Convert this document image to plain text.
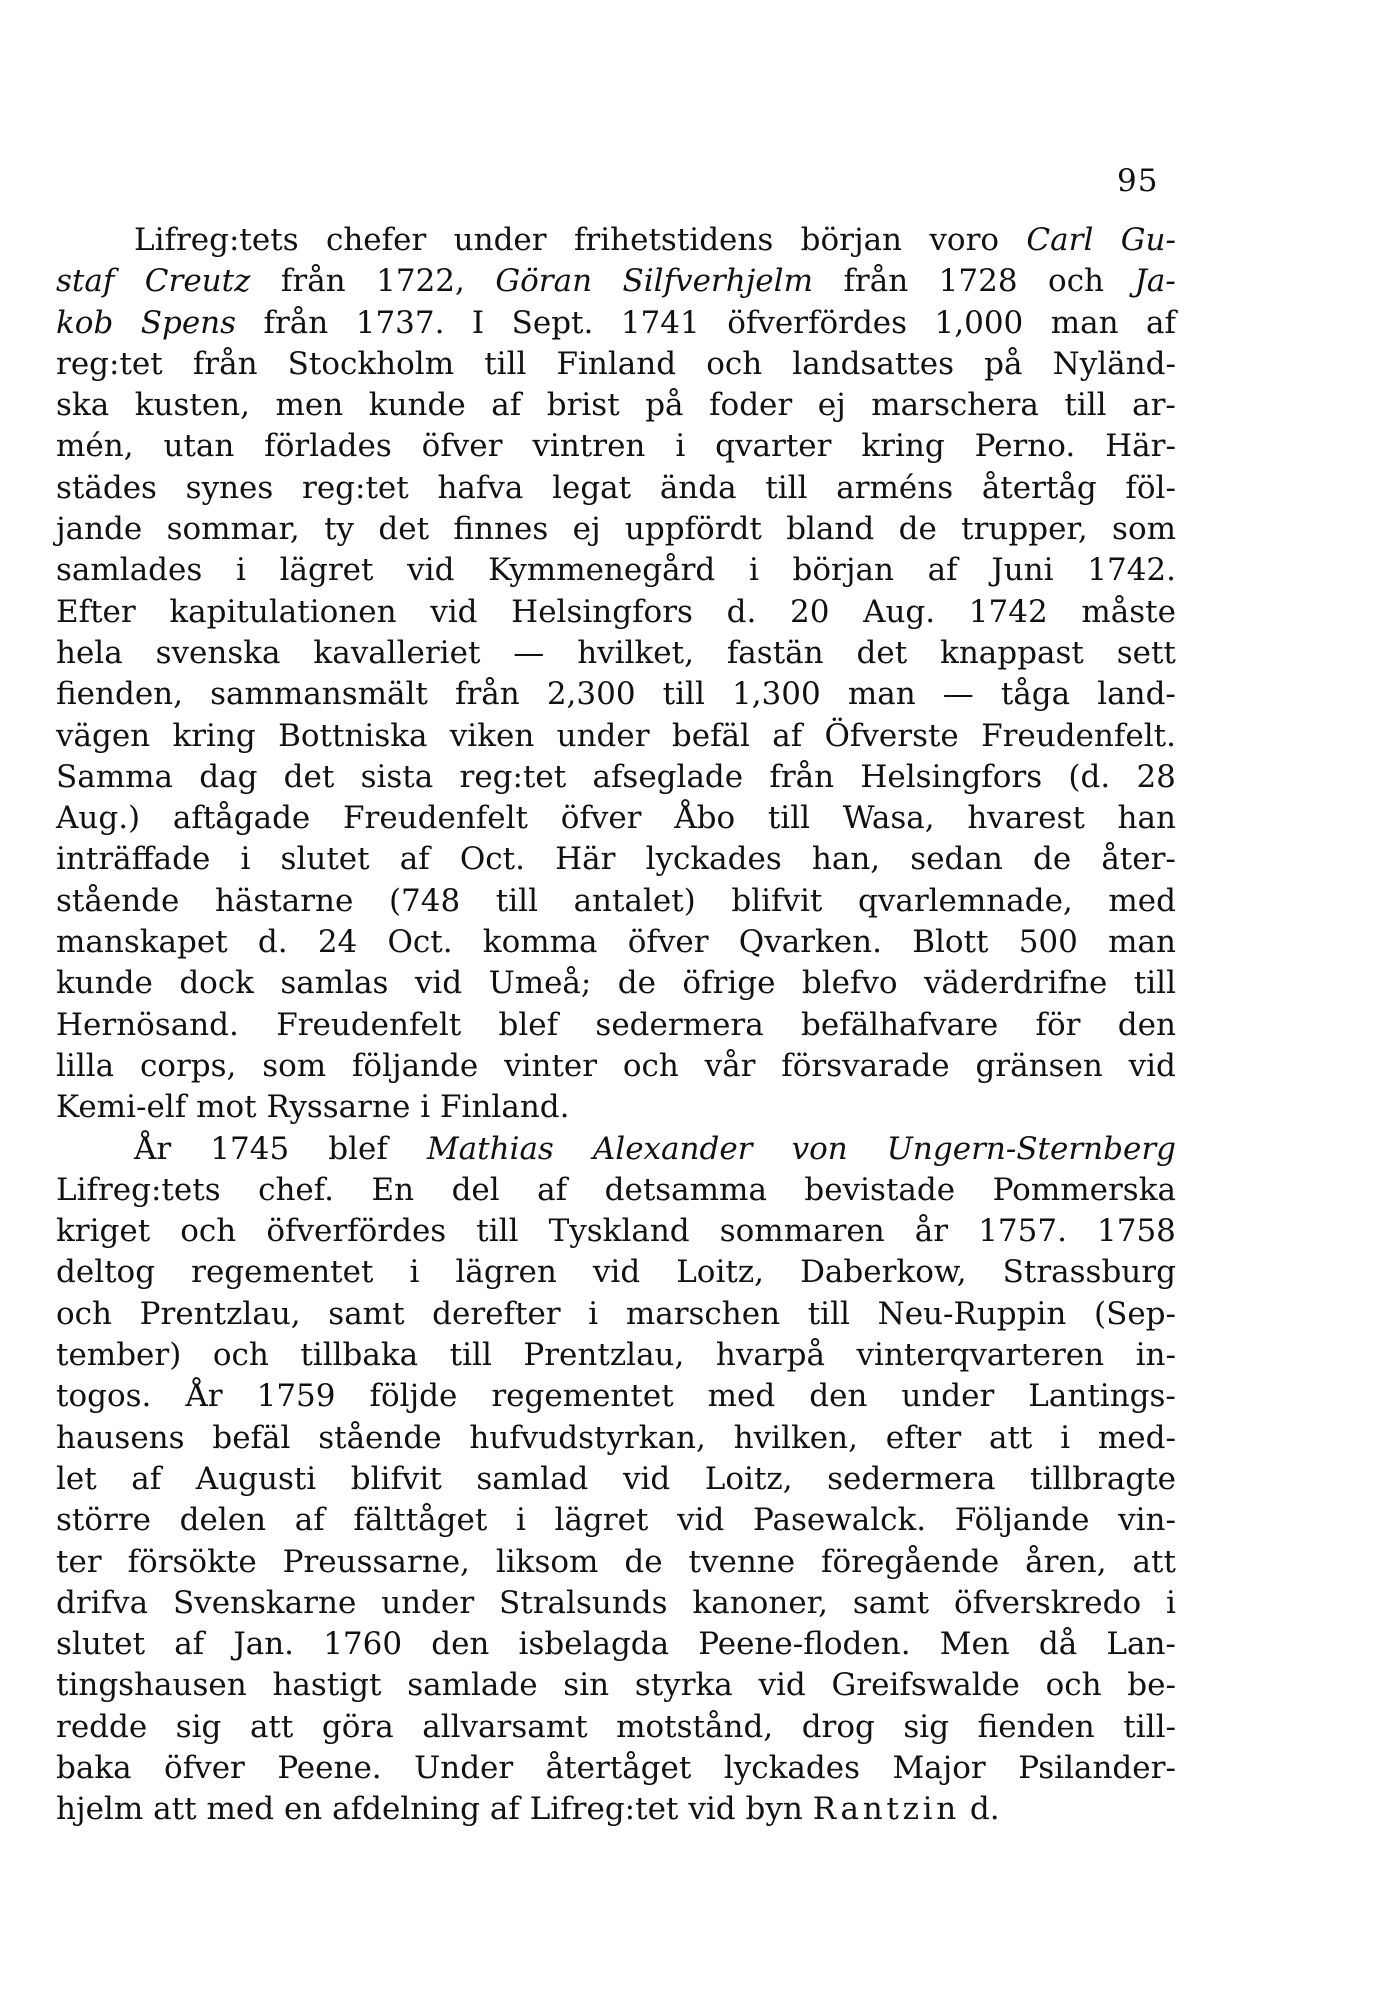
95
Lifreg:tets chefer under frihetstidens början voro Carl Gu-
staf Creutz från 1722, Göran Silfverhjelm från 1728 och Ja-
kob Spens från 1737. I Sept. 1741 öfverfördes 1,000 man af
reg:tet från Stockholm till Finland och landsattes på Nyländ-
ska kusten, men kunde af brist på foder ej marschera till ar-
mén, utan förlades öfver vintren i qvarter kring Perno. Här-
städes synes reg:tet hafva legat ända till arméns återtåg föl-
jande sommar, ty det finnes ej uppfördt bland de trupper, som
samlades i lägret vid Kymmenegård i början af Juni 1742.
Efter kapitulationen vid Helsingfors d. 20 Aug. 1742 måste
hela svenska kavalleriet — hvilket, fastän det knappast sett
fienden, sammansmält från 2,300 till 1,300 man — tåga land-
vägen kring Bottniska viken under befäl af Öfverste Freudenfelt.
Samma dag det sista reg:tet afseglade från Helsingfors (d. 28
Aug.) aftågade Freudenfelt öfver Åbo till Wasa, hvarest han
inträffade i slutet af Oct. Här lyckades han, sedan de åter-
stående hästarne (748 till antalet) blifvit qvarlemnade, med
manskapet d. 24 Oct. komma öfver Qvarken. Blott 500 man
kunde dock samlas vid Umeå; de öfrige blefvo väderdrifne till
Hernösand. Freudenfelt blef sedermera befälhafvare för den
lilla corps, som följande vinter och vår försvarade gränsen vid
Kemi-elf mot Ryssarne i Finland.
År 1745 blef Mathias Alexander von Ungern-Sternberg
Lifreg:tets chef. En del af detsamma bevistade Pommerska
kriget och öfverfördes till Tyskland sommaren år 1757. 1758
deltog regementet i lägren vid Loitz, Daberkow, Strassburg
och Prentzlau, samt derefter i marschen till Neu-Ruppin (Sep-
tember) och tillbaka till Prentzlau, hvarpå vinterqvarteren in-
togos. År 1759 följde regementet med den under Lantings-
hausens befäl stående hufvudstyrkan, hvilken, efter att i med-
let af Augusti blifvit samlad vid Loitz, sedermera tillbragte
större delen af fälttåget i lägret vid Pasewalck. Följande vin-
ter försökte Preussarne, liksom de tvenne föregående åren, att
drifva Svenskarne under Stralsunds kanoner, samt öfverskredo i
slutet af Jan. 1760 den isbelagda Peene-floden. Men då Lan-
tingshausen hastigt samlade sin styrka vid Greifswalde och be-
redde sig att göra allvarsamt motstånd, drog sig fienden till-
baka öfver Peene. Under återtåget lyckades Major Psilander-
hjelm att med en afdelning af Lifreg:tet vid byn Rantzin d.
